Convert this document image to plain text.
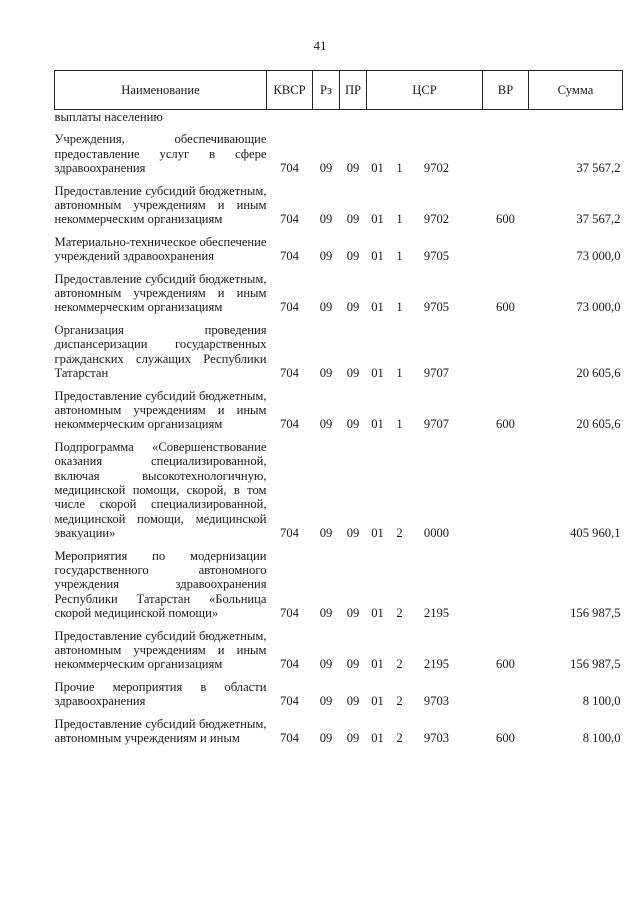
41
Наименование	КВСР	Рз	ПР	ЦСР	ВР	Сумма
выплаты населению						
Учреждения, обеспечивающие предоставление услуг в сфере здравоохранения	704	09	09	01 1 9702		37 567,2
Предоставление субсидий бюджетным, автономным учреждениям и иным некоммерческим организациям	704	09	09	01 1 9702	600	37 567,2
Материально-техническое обеспечение учреждений здравоохранения	704	09	09	01 1 9705		73 000,0
Предоставление субсидий бюджетным, автономным учреждениям и иным некоммерческим организациям	704	09	09	01 1 9705	600	73 000,0
Организация проведения диспансеризации государственных гражданских служащих Республики Татарстан	704	09	09	01 1 9707		20 605,6
Предоставление субсидий бюджетным, автономным учреждениям и иным некоммерческим организациям	704	09	09	01 1 9707	600	20 605,6
Подпрограмма «Совершенствование оказания специализированной, включая высокотехнологичную, медицинской помощи, скорой, в том числе скорой специализированной, медицинской помощи, медицинской эвакуации»	704	09	09	01 2 0000		405 960,1
Мероприятия по модернизации государственного автономного учреждения здравоохранения Республики Татарстан «Больница скорой медицинской помощи»	704	09	09	01 2 2195		156 987,5
Предоставление субсидий бюджетным, автономным учреждениям и иным некоммерческим организациям	704	09	09	01 2 2195	600	156 987,5
Прочие мероприятия в области здравоохранения	704	09	09	01 2 9703		8 100,0
Предоставление субсидий бюджетным, автономным учреждениям и иным	704	09	09	01 2 9703	600	8 100,0
